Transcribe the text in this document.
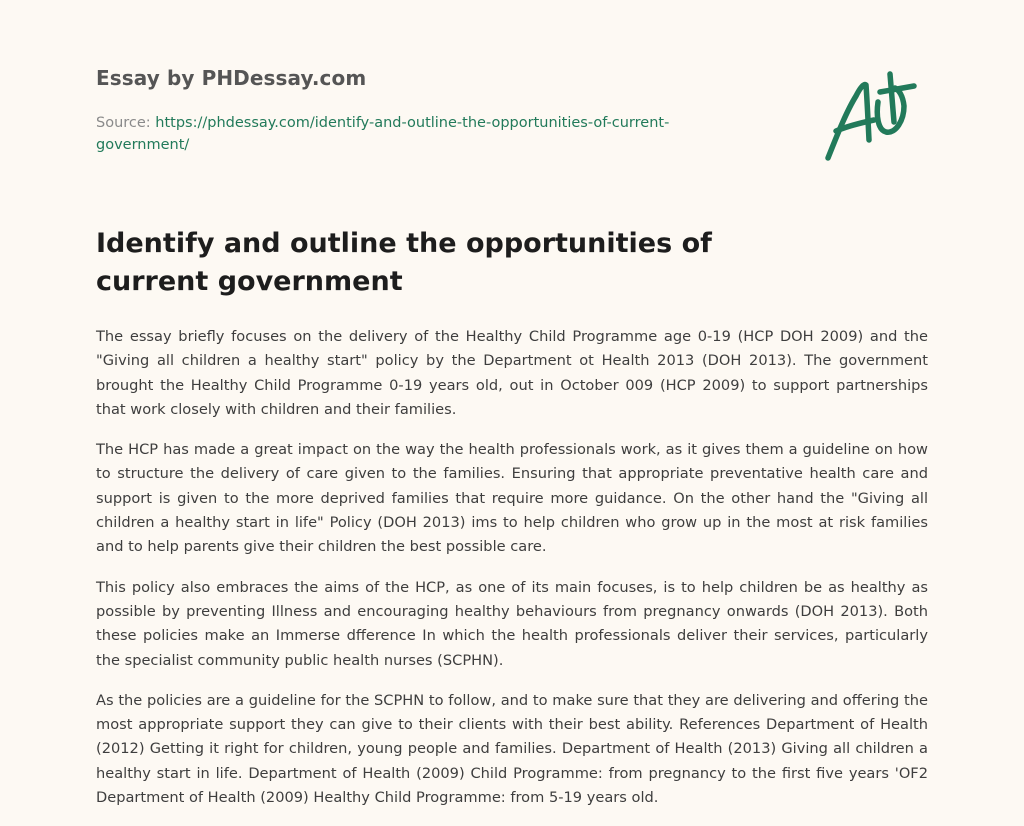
Essay by PHDessay.com
Source: https://phdessay.com/identify-and-outline-the-opportunities-of-current-government/
Identify and outline the opportunities of current government

The essay briefly focuses on the delivery of the Healthy Child Programme age 0-19 (HCP DOH 2009) and the "Giving all children a healthy start" policy by the Department ot Health 2013 (DOH 2013). The government brought the Healthy Child Programme 0-19 years old, out in October 009 (HCP 2009) to support partnerships that work closely with children and their families.

The HCP has made a great impact on the way the health professionals work, as it gives them a guideline on how to structure the delivery of care given to the families. Ensuring that appropriate preventative health care and support is given to the more deprived families that require more guidance. On the other hand the "Giving all children a healthy start in life" Policy (DOH 2013) ims to help children who grow up in the most at risk families and to help parents give their children the best possible care.

This policy also embraces the aims of the HCP, as one of its main focuses, is to help children be as healthy as possible by preventing Illness and encouraging healthy behaviours from pregnancy onwards (DOH 2013). Both these policies make an Immerse dfference In which the health professionals deliver their services, particularly the specialist community public health nurses (SCPHN).

As the policies are a guideline for the SCPHN to follow, and to make sure that they are delivering and offering the most appropriate support they can give to their clients with their best ability. References Department of Health (2012) Getting it right for children, young people and families. Department of Health (2013) Giving all children a healthy start in life. Department of Health (2009) Child Programme: from pregnancy to the first five years 'OF2 Department of Health (2009) Healthy Child Programme: from 5-19 years old.
